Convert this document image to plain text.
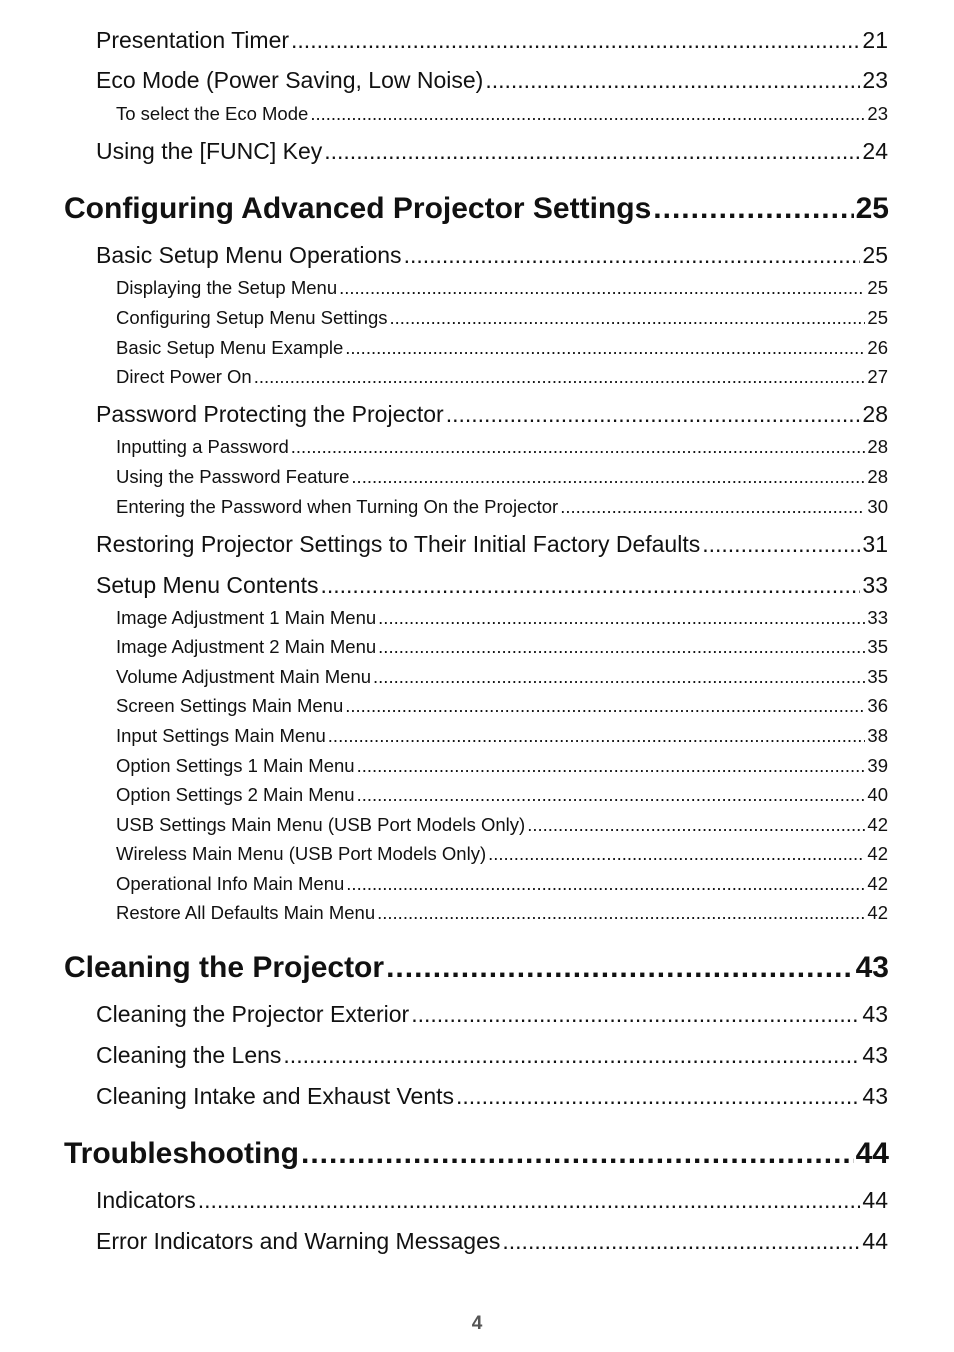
Presentation Timer .....	21
Eco Mode (Power Saving, Low Noise) .....	23
To select the Eco Mode .....	23
Using the [FUNC] Key .....	24
Configuring Advanced Projector Settings .....	25
Basic Setup Menu Operations .....	25
Displaying the Setup Menu .....	25
Configuring Setup Menu Settings .....	25
Basic Setup Menu Example .....	26
Direct Power On .....	27
Password Protecting the Projector .....	28
Inputting a Password .....	28
Using the Password Feature .....	28
Entering the Password when Turning On the Projector .....	30
Restoring Projector Settings to Their Initial Factory Defaults .....	31
Setup Menu Contents .....	33
Image Adjustment 1 Main Menu .....	33
Image Adjustment 2 Main Menu .....	35
Volume Adjustment Main Menu .....	35
Screen Settings Main Menu .....	36
Input Settings Main Menu .....	38
Option Settings 1 Main Menu .....	39
Option Settings 2 Main Menu .....	40
USB Settings Main Menu (USB Port Models Only) .....	42
Wireless Main Menu (USB Port Models Only) .....	42
Operational Info Main Menu .....	42
Restore All Defaults Main Menu .....	42
Cleaning the Projector .....	43
Cleaning the Projector Exterior .....	43
Cleaning the Lens .....	43
Cleaning Intake and Exhaust Vents .....	43
Troubleshooting .....	44
Indicators .....	44
Error Indicators and Warning Messages .....	44
4
